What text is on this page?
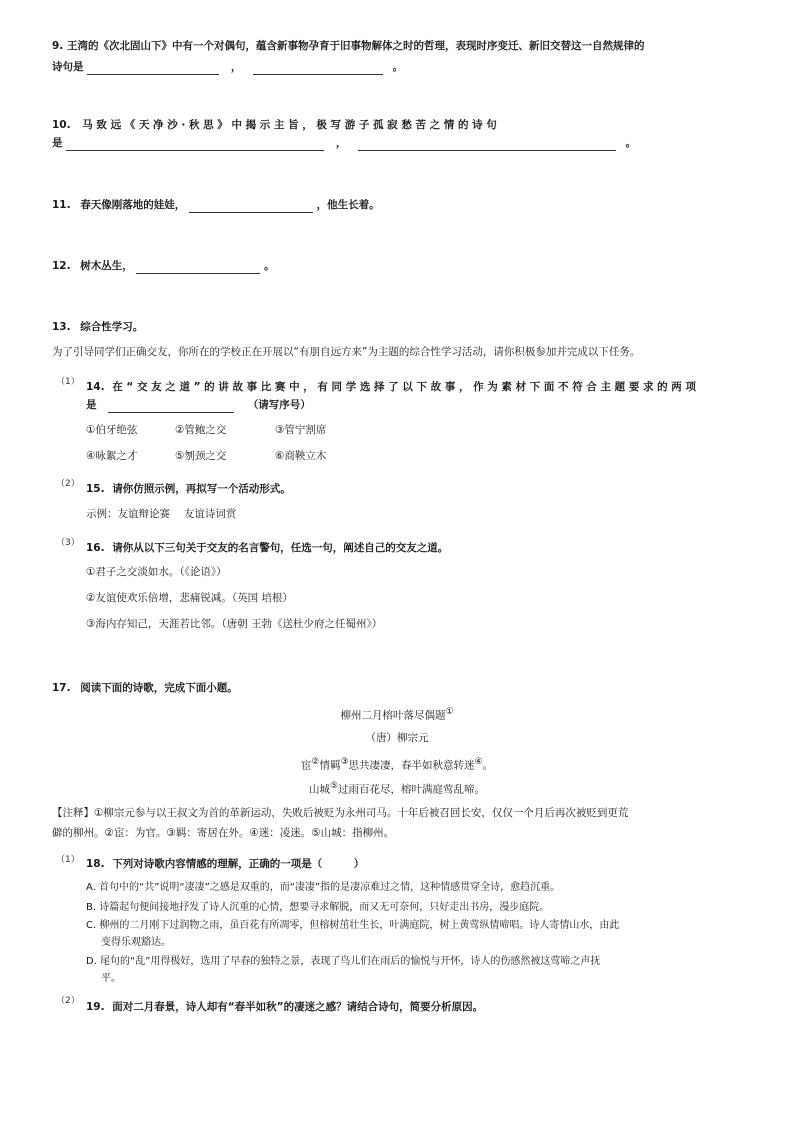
9. 王湾的《次北固山下》中有一个对偶句，蕴含新事物孕育于旧事物解体之时的哲理，表现时序变迁、新旧交替这一自然规律的
诗句是	，	。
10. 马 致 远 《 天 净 沙 · 秋 思 》 中 揭 示 主 旨 ， 极 写 游 子 孤 寂 愁 苦 之 情 的 诗 句
是	，	。
11. 春天像刚落地的娃娃，	，他生长着。
12. 树木丛生，	。
13. 综合性学习。
为了引导同学们正确交友，你所在的学校正在开展以“有朋自远方来”为主题的综合性学习活动，请你积极参加并完成以下任务。
（1） 14. 在 “ 交 友 之 道 ” 的 讲 故 事 比 赛 中 ， 有 同 学 选 择 了 以 下 故 事 ， 作 为 素 材 下 面 不 符 合 主 题 要 求 的 两 项
是	（请写序号）
①伯牙绝弦	②管鲍之交	③管宁割席
④咏絮之才	⑤刎颈之交	⑥商鞅立木
（2） 15. 请你仿照示例，再拟写一个活动形式。
示例：友谊辩论赛　 友谊诗词赏
（3） 16. 请你从以下三句关于交友的名言警句，任选一句，阐述自己的交友之道。
①君子之交淡如水。（《论语》）
②友谊使欢乐倍增，悲痛锐减。（英国 培根）
③海内存知己，天涯若比邻。（唐朝 王勃《送杜少府之任蜀州》）
17. 阅读下面的诗歌，完成下面小题。
柳州二月榕叶落尽偶题①
（唐）柳宗元
宦②情羁③思共凄凄，春半如秋意转迷④。
山城⑤过雨百花尽，榕叶满庭莺乱啼。
【注释】①柳宗元参与以王叔文为首的革新运动，失败后被贬为永州司马。十年后被召回长安，仅仅一个月后再次被贬到更荒
僻的柳州。②宦：为官。③羁：寄居在外。④迷：凌迷。⑤山城：指柳州。
（1） 18. 下列对诗歌内容情感的理解，正确的一项是（　　　）
A. 首句中的“共”说明“凄凄”之感是双重的，而“凄凄”指的是凄凉难过之情，这种情感贯穿全诗，愈趋沉重。
B. 诗篇起句便间接地抒发了诗人沉重的心情，想要寻求解脱，而又无可奈何，只好走出书房，漫步庭院。
C. 柳州的二月刚下过润物之雨，虽百花有所凋零，但榕树茁壮生长，叶满庭院，树上黄莺纵情啼唱。诗人寄情山水，由此
变得乐观豁达。
D. 尾句的“乱”用得极好，选用了早春的独特之景，表现了鸟儿们在雨后的愉悦与开怀，诗人的伤感然被这莺啼之声抚
平。
（2） 19. 面对二月春景，诗人却有“春半如秋”的凄迷之感？请结合诗句，简要分析原因。
